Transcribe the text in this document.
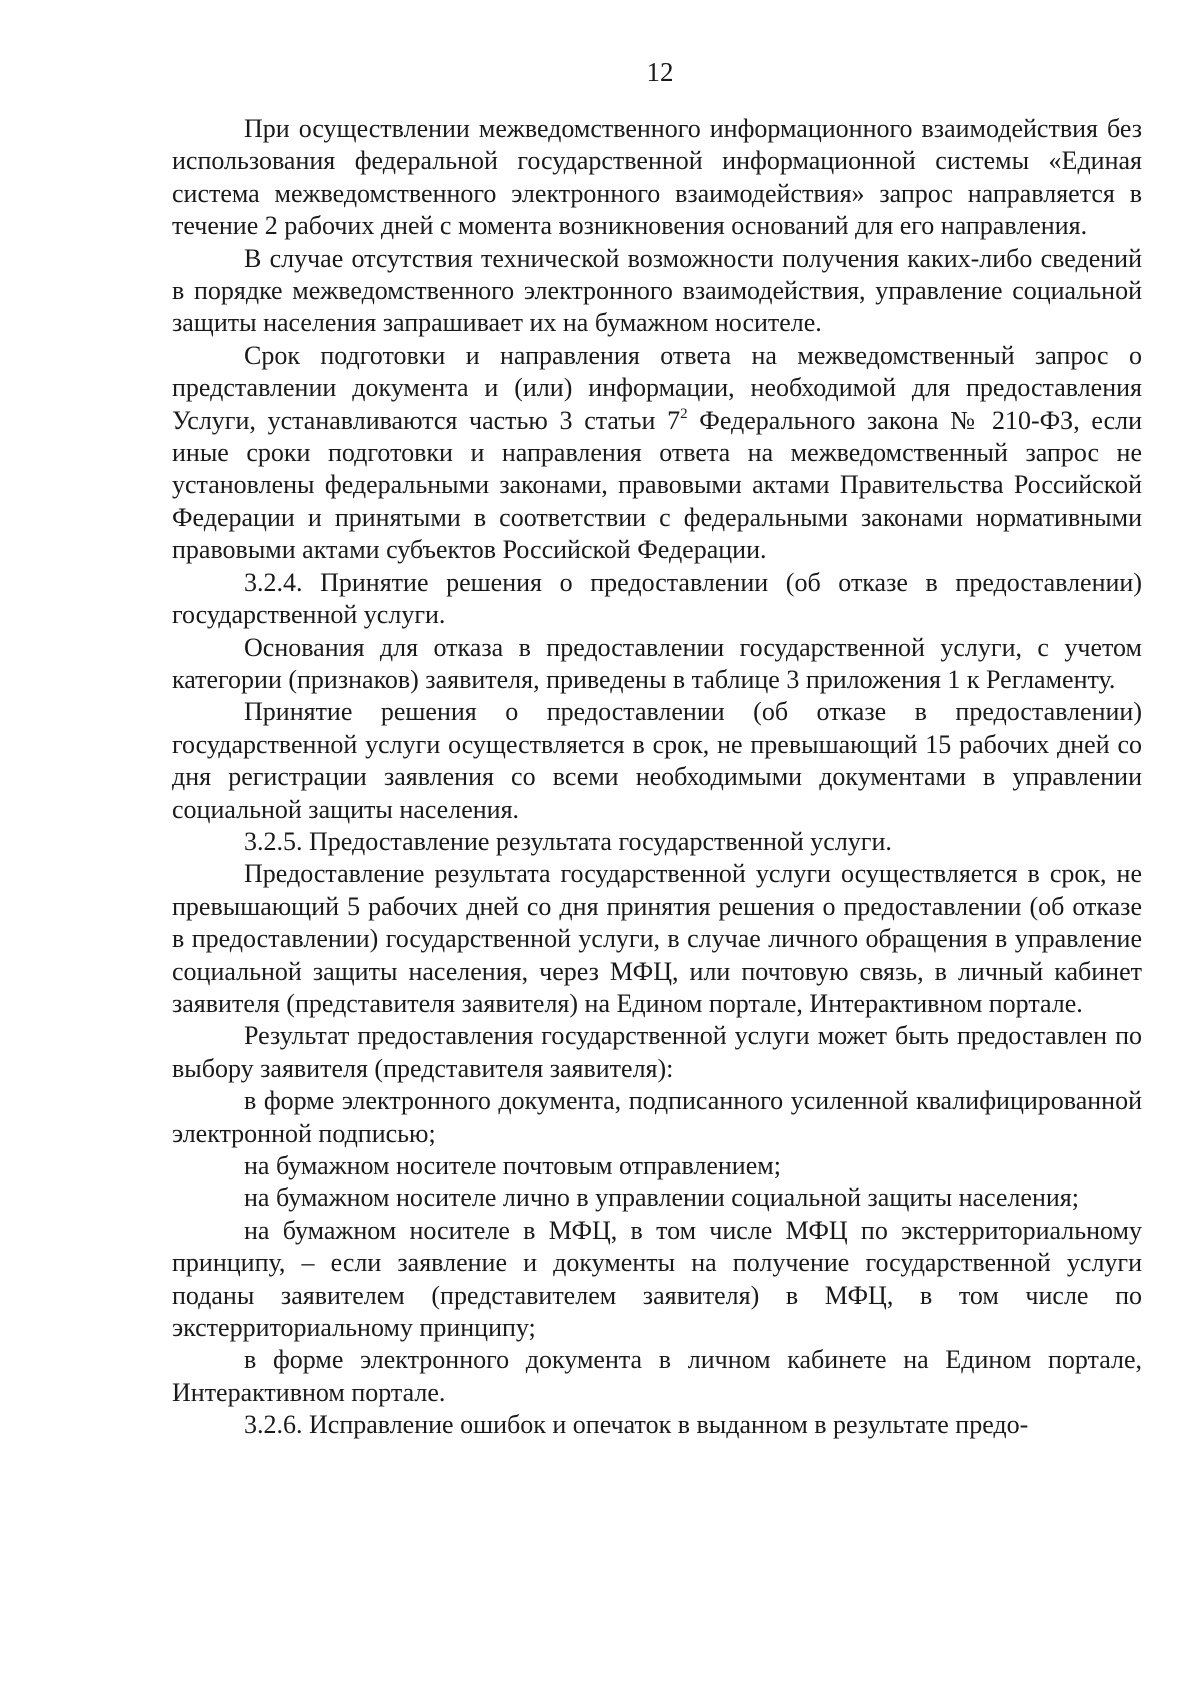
12

При осуществлении межведомственного информационного взаимодействия без использования федеральной государственной информационной системы «Единая система межведомственного электронного взаимодействия» запрос направляется в течение 2 рабочих дней с момента возникновения оснований для его направления.

В случае отсутствия технической возможности получения каких-либо сведений в порядке межведомственного электронного взаимодействия, управление социальной защиты населения запрашивает их на бумажном носителе.

Срок подготовки и направления ответа на межведомственный запрос о представлении документа и (или) информации, необходимой для предоставления Услуги, устанавливаются частью 3 статьи $7^2$ Федерального закона № 210-ФЗ, если иные сроки подготовки и направления ответа на межведомственный запрос не установлены федеральными законами, правовыми актами Правительства Российской Федерации и принятыми в соответствии с федеральными законами нормативными правовыми актами субъектов Российской Федерации.

3.2.4. Принятие решения о предоставлении (об отказе в предоставлении) государственной услуги.

Основания для отказа в предоставлении государственной услуги, с учетом категории (признаков) заявителя, приведены в таблице 3 приложения 1 к Регламенту.

Принятие решения о предоставлении (об отказе в предоставлении) государственной услуги осуществляется в срок, не превышающий 15 рабочих дней со дня регистрации заявления со всеми необходимыми документами в управлении социальной защиты населения.

3.2.5. Предоставление результата государственной услуги.

Предоставление результата государственной услуги осуществляется в срок, не превышающий 5 рабочих дней со дня принятия решения о предоставлении (об отказе в предоставлении) государственной услуги, в случае личного обращения в управление социальной защиты населения, через МФЦ, или почтовую связь, в личный кабинет заявителя (представителя заявителя) на Едином портале, Интерактивном портале.

Результат предоставления государственной услуги может быть предоставлен по выбору заявителя (представителя заявителя):

в форме электронного документа, подписанного усиленной квалифицированной электронной подписью;

на бумажном носителе почтовым отправлением;

на бумажном носителе лично в управлении социальной защиты населения;

на бумажном носителе в МФЦ, в том числе МФЦ по экстерриториальному принципу, – если заявление и документы на получение государственной услуги поданы заявителем (представителем заявителя) в МФЦ, в том числе по экстерриториальному принципу;

в форме электронного документа в личном кабинете на Едином портале, Интерактивном портале.

3.2.6. Исправление ошибок и опечаток в выданном в результате предо-
